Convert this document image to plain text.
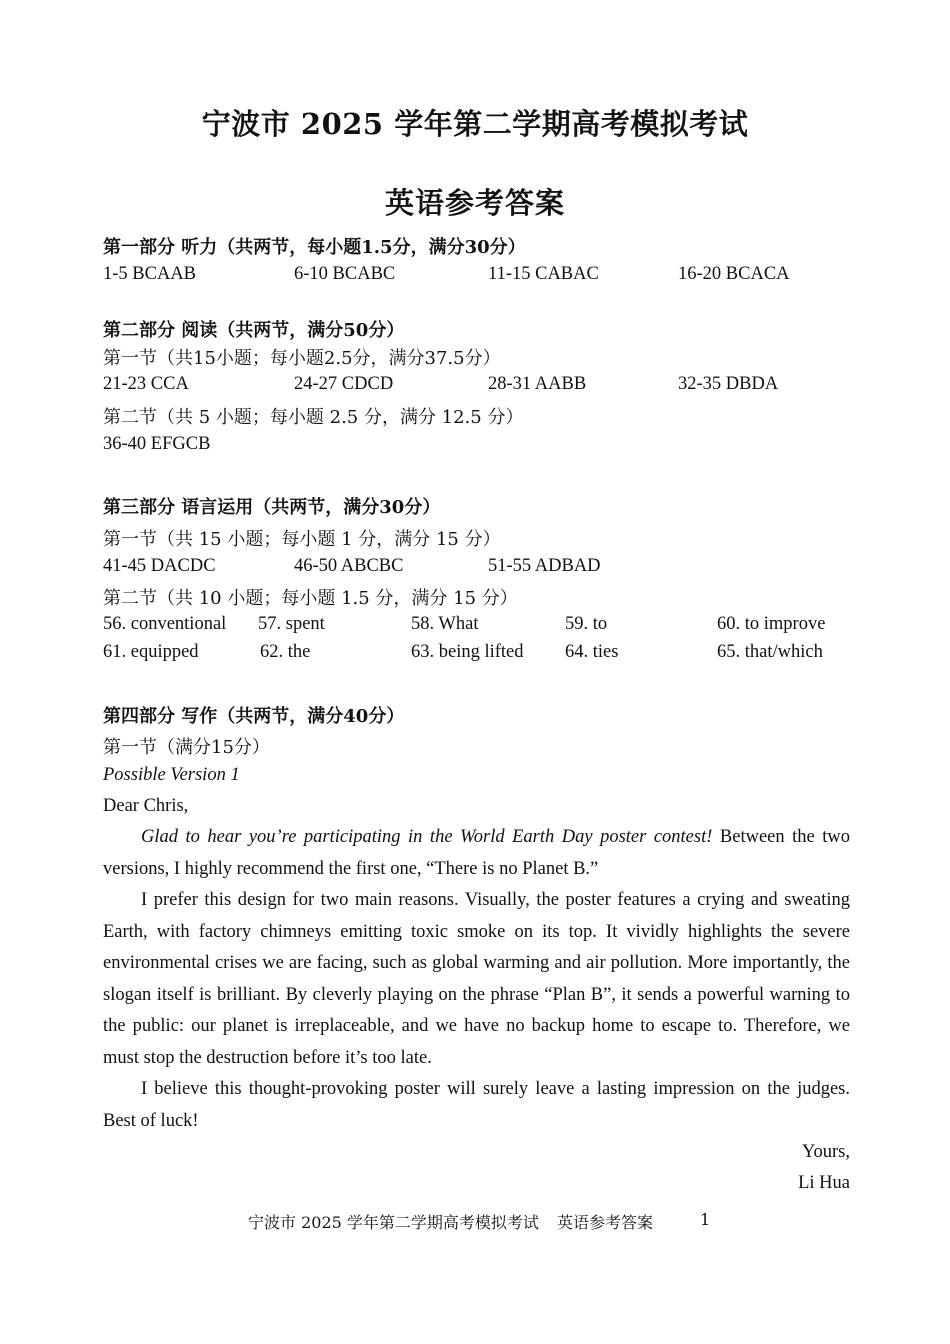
宁波市 2025 学年第二学期高考模拟考试
英语参考答案
第一部分 听力（共两节，每小题1.5分，满分30分）
1-5 BCAAB	6-10 BCABC	11-15 CABAC	16-20 BCACA
第二部分 阅读（共两节，满分50分）
第一节（共15小题；每小题2.5分，满分37.5分）
21-23 CCA	24-27 CDCD	28-31 AABB	32-35 DBDA
第二节（共 5 小题；每小题 2.5 分，满分 12.5 分）
36-40 EFGCB
第三部分 语言运用（共两节，满分30分）
第一节（共 15 小题；每小题 1 分，满分 15 分）
41-45 DACDC	46-50 ABCBC	51-55 ADBAD
第二节（共 10 小题；每小题 1.5 分，满分 15 分）
56. conventional 57. spent	58. What	59. to	60. to improve
61. equipped	62. the	63. being lifted 64. ties	65. that/which
第四部分 写作（共两节，满分40分）
第一节（满分15分）
Possible Version 1
Dear Chris,

Glad to hear you’re participating in the World Earth Day poster contest! Between the two versions, I highly recommend the first one, “There is no Planet B.”

I prefer this design for two main reasons. Visually, the poster features a crying and sweating Earth, with factory chimneys emitting toxic smoke on its top. It vividly highlights the severe environmental crises we are facing, such as global warming and air pollution. More importantly, the slogan itself is brilliant. By cleverly playing on the phrase “Plan B”, it sends a powerful warning to the public: our planet is irreplaceable, and we have no backup home to escape to. Therefore, we must stop the destruction before it’s too late.

I believe this thought-provoking poster will surely leave a lasting impression on the judges. Best of luck!

Yours,
Li Hua
宁波市 2025 学年第二学期高考模拟考试 英语参考答案	1
